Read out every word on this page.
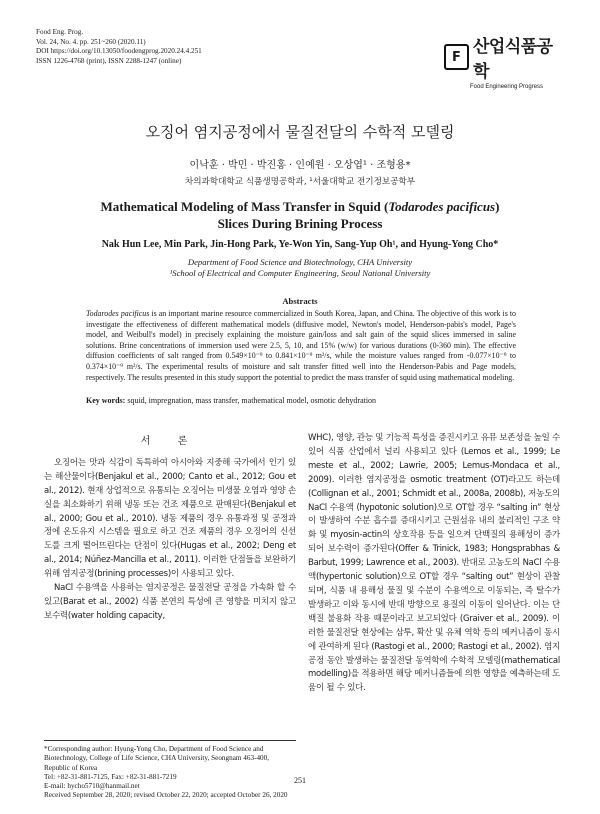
Food Eng. Prog.
Vol. 24, No. 4. pp. 251~260 (2020.11)
DOI https://doi.org/10.13050/foodengprog.2020.24.4.251
ISSN 1226-4768 (print), ISSN 2288-1247 (online)	F 산업식품공학
Food Engineering Progress
오징어 염지공정에서 물질전달의 수학적 모델링
이낙훈 · 박민 · 박진홍 · 인예원 · 오상엽¹ · 조형용*
차의과학대학교 식품생명공학과, ¹서울대학교 전기정보공학부
Mathematical Modeling of Mass Transfer in Squid (Todarodes pacificus)
Slices During Brining Process
Nak Hun Lee, Min Park, Jin-Hong Park, Ye-Won Yin, Sang-Yup Oh¹, and Hyung-Yong Cho*
Department of Food Science and Biotechnology, CHA University
¹School of Electrical and Computer Engineering, Seoul National University
Abstracts
Todarodes pacificus is an important marine resource commercialized in South Korea, Japan, and China. The objective of this work is to investigate the effectiveness of different mathematical models (diffusive model, Newton's model, Henderson-pabis's model, Page's model, and Weibull's model) in precisely explaining the moisture gain/loss and salt gain of the squid slices immersed in saline solutions. Brine concentrations of immersion used were 2.5, 5, 10, and 15% (w/w) for various durations (0-360 min). The effective diffusion coefficients of salt ranged from 0.549×10⁻⁹ to 0.841×10⁻⁹ m²/s, while the moisture values ranged from -0.077×10⁻⁹ to 0.374×10⁻⁹ m²/s. The experimental results of moisture and salt transfer fitted well into the Henderson-Pabis and Page models, respectively. The results presented in this study support the potential to predict the mass transfer of squid using mathematical modeling.
Key words: squid, impregnation, mass transfer, mathematical model, osmotic dehydration
서 론

오징어는 맛과 식감이 독특하여 아시아와 지중해 국가에서 인기 있는 해산물이다(Benjakul et al., 2000; Canto et al., 2012; Gou et al., 2012). 현재 상업적으로 유통되는 오징어는 미생물 오염과 영양 손실을 최소화하기 위해 냉동 또는 건조 제품으로 판매된다(Benjakul et al., 2000; Gou et al., 2010). 냉동 제품의 경우 유통과정 및 공정과정에 온도유지 시스템을 필요로 하고 건조 제품의 경우 오징어의 신선도를 크게 떨어뜨린다는 단점이 있다(Hugas et al., 2002; Deng et al., 2014; Núñez-Mancilla et al., 2011). 이러한 단점들을 보완하기 위해 염지공정(brining processes)이 사용되고 있다.

NaCl 수용액을 사용하는 염지공정은 물질전달 공정을 가속화 할 수 있고(Barat et al., 2002) 식품 본연의 특성에 큰 영향을 미치지 않고 보수력(water holding capacity,

WHC), 영양, 관능 및 기능적 특성을 증진시키고 유뮤 보존성을 높일 수 있어 식품 산업에서 널리 사용되고 있다 (Lemos et al., 1999; Le meste et al., 2002; Lawrie, 2005; Lemus-Mondaca et al., 2009). 이러한 염지공정을 osmotic treatment (OT)라고도 하는데(Collignan et al., 2001; Schmidt et al., 2008a, 2008b), 저농도의 NaCl 수용액 (hypotonic solution)으로 OT할 경우 “salting in” 현상이 발생하여 수분 흡수를 증대시키고 근원섬유 내의 불리적인 구조 약화 및 myosin-actin의 상호작용 등을 일으켜 단백질의 용해성이 증가되어 보수력이 증가된다(Offer & Trinick, 1983; Hongsprabhas & Barbut, 1999; Lawrence et al., 2003). 반대로 고농도의 NaCl 수용액(hypertonic solution)으로 OT할 경우 “salting out” 현상이 관찰되며, 식품 내 용해성 물질 및 수분이 수용액으로 이동되는, 즉 탈수가 발생하고 이와 동시에 반대 방향으로 용질의 이동이 일어난다. 이는 단백질 불용화 작용 때문이라고 보고되었다 (Graiver et al., 2009). 이러한 물질전달 현상에는 삼투, 확산 및 유체 역학 등의 메커니즘이 동시에 관여하게 된다 (Rastogi et al., 2000; Rastogi et al., 2002). 염지공정 동안 발생하는 물질전달 동역학에 수학적 모델링(mathematical modelling)을 적용하면 해당 메커니즘들에 의한 영향을 예측하는데 도움이 될 수 있다.

*Corresponding author: Hyung-Yong Cho, Department of Food Science and Biotechnology, College of Life Science, CHA University, Seongnam 463-400, Republic of Korea
Tel: +82-31-881-7125, Fax: +82-31-881-7219
E-mail: hycho5710@hanmail.net
Received September 28, 2020; revised October 22, 2020; accepted October 26, 2020
251
